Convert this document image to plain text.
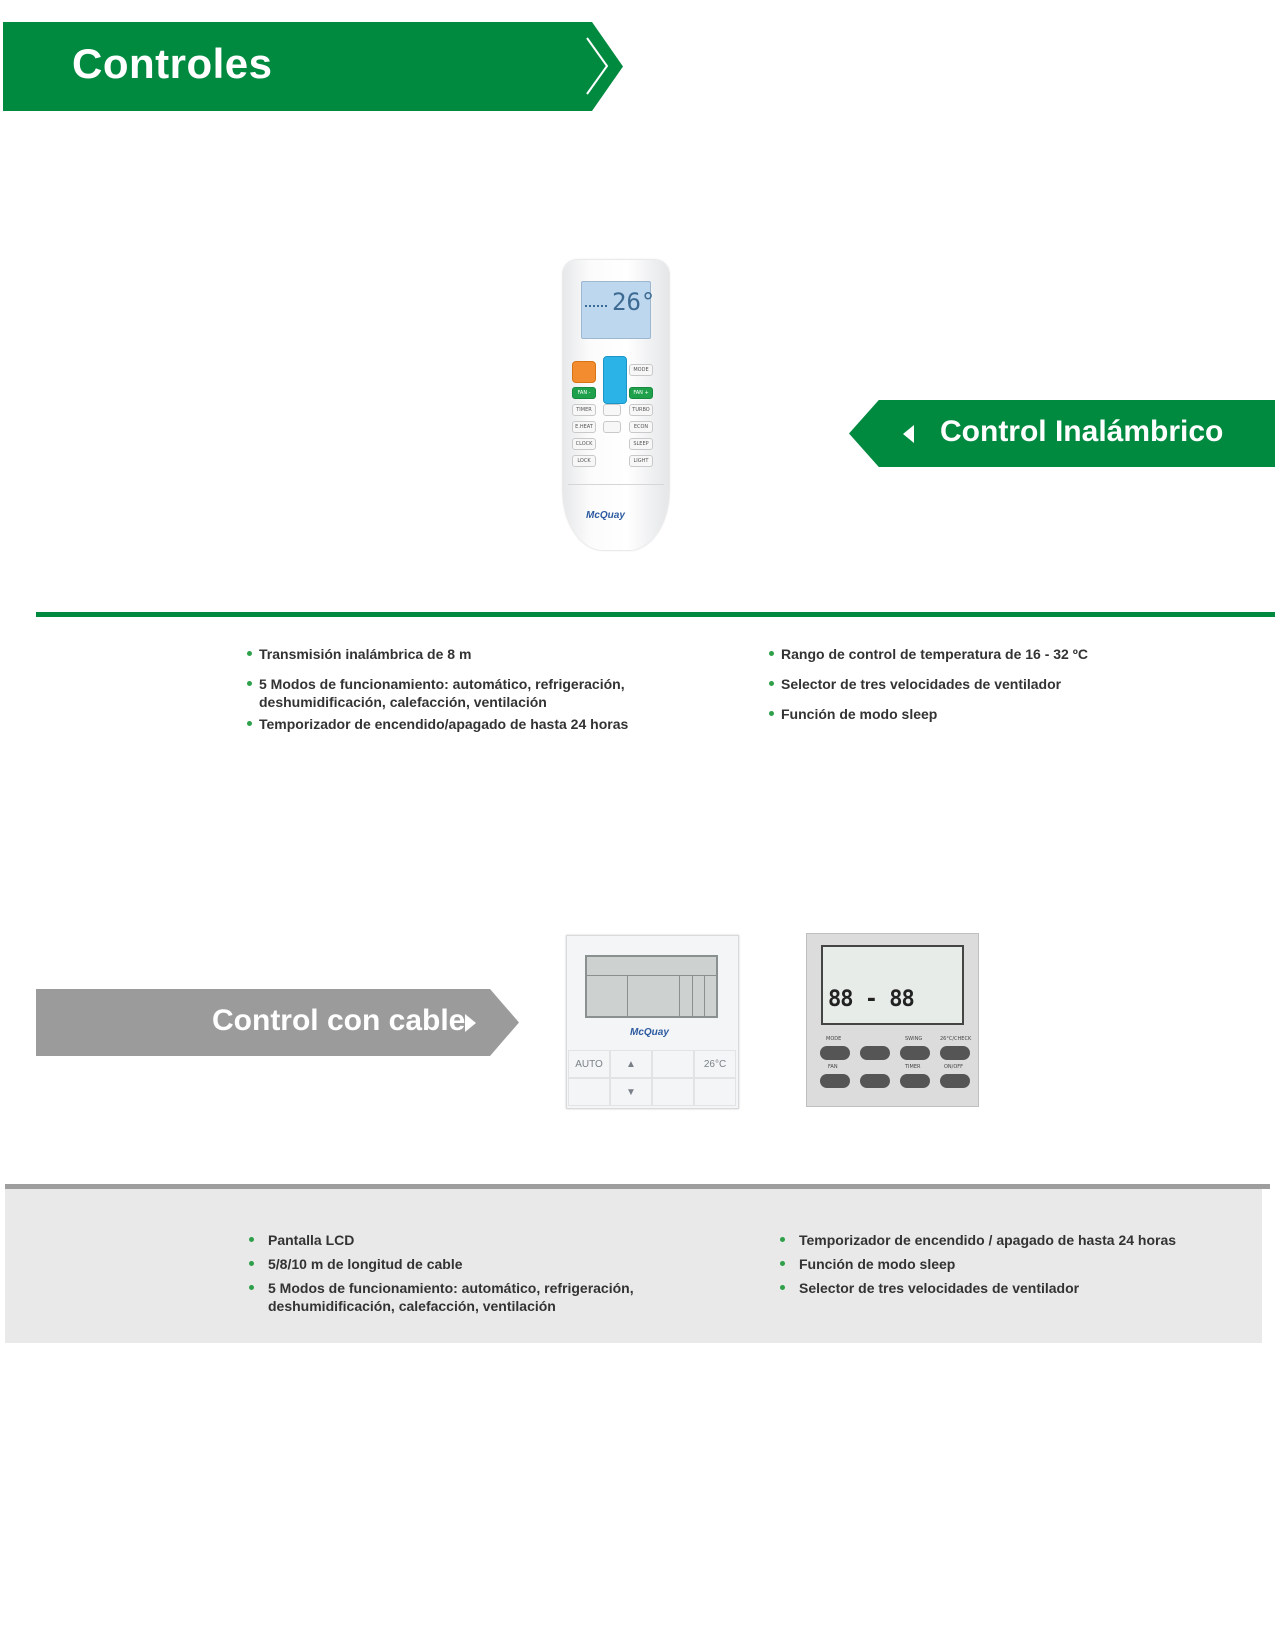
Controles
26°
MODE
FAN -	FAN +
TIMER	TURBO
E.HEAT	ECON
CLOCK	SLEEP
LOCK	LIGHT
McQuay
Control Inalámbrico
Transmisión inalámbrica de 8 m
5 Modos de funcionamiento: automático, refrigeración, deshumidificación, calefacción, ventilación
Temporizador de encendido/apagado de hasta 24 horas
Rango de control de temperatura de 16 - 32 ºC
Selector de tres velocidades de ventilador
Función de modo sleep
Control con cable	McQuay
AUTO	▲	26°C
▼
88 - 88
MODE	SWING	26°C/CHECK
FAN	TIMER	ON/OFF
Pantalla LCD
5/8/10 m de longitud de cable
5 Modos de funcionamiento: automático, refrigeración, deshumidificación, calefacción, ventilación
Temporizador de encendido / apagado de hasta 24 horas
Función de modo sleep
Selector de tres velocidades de ventilador
